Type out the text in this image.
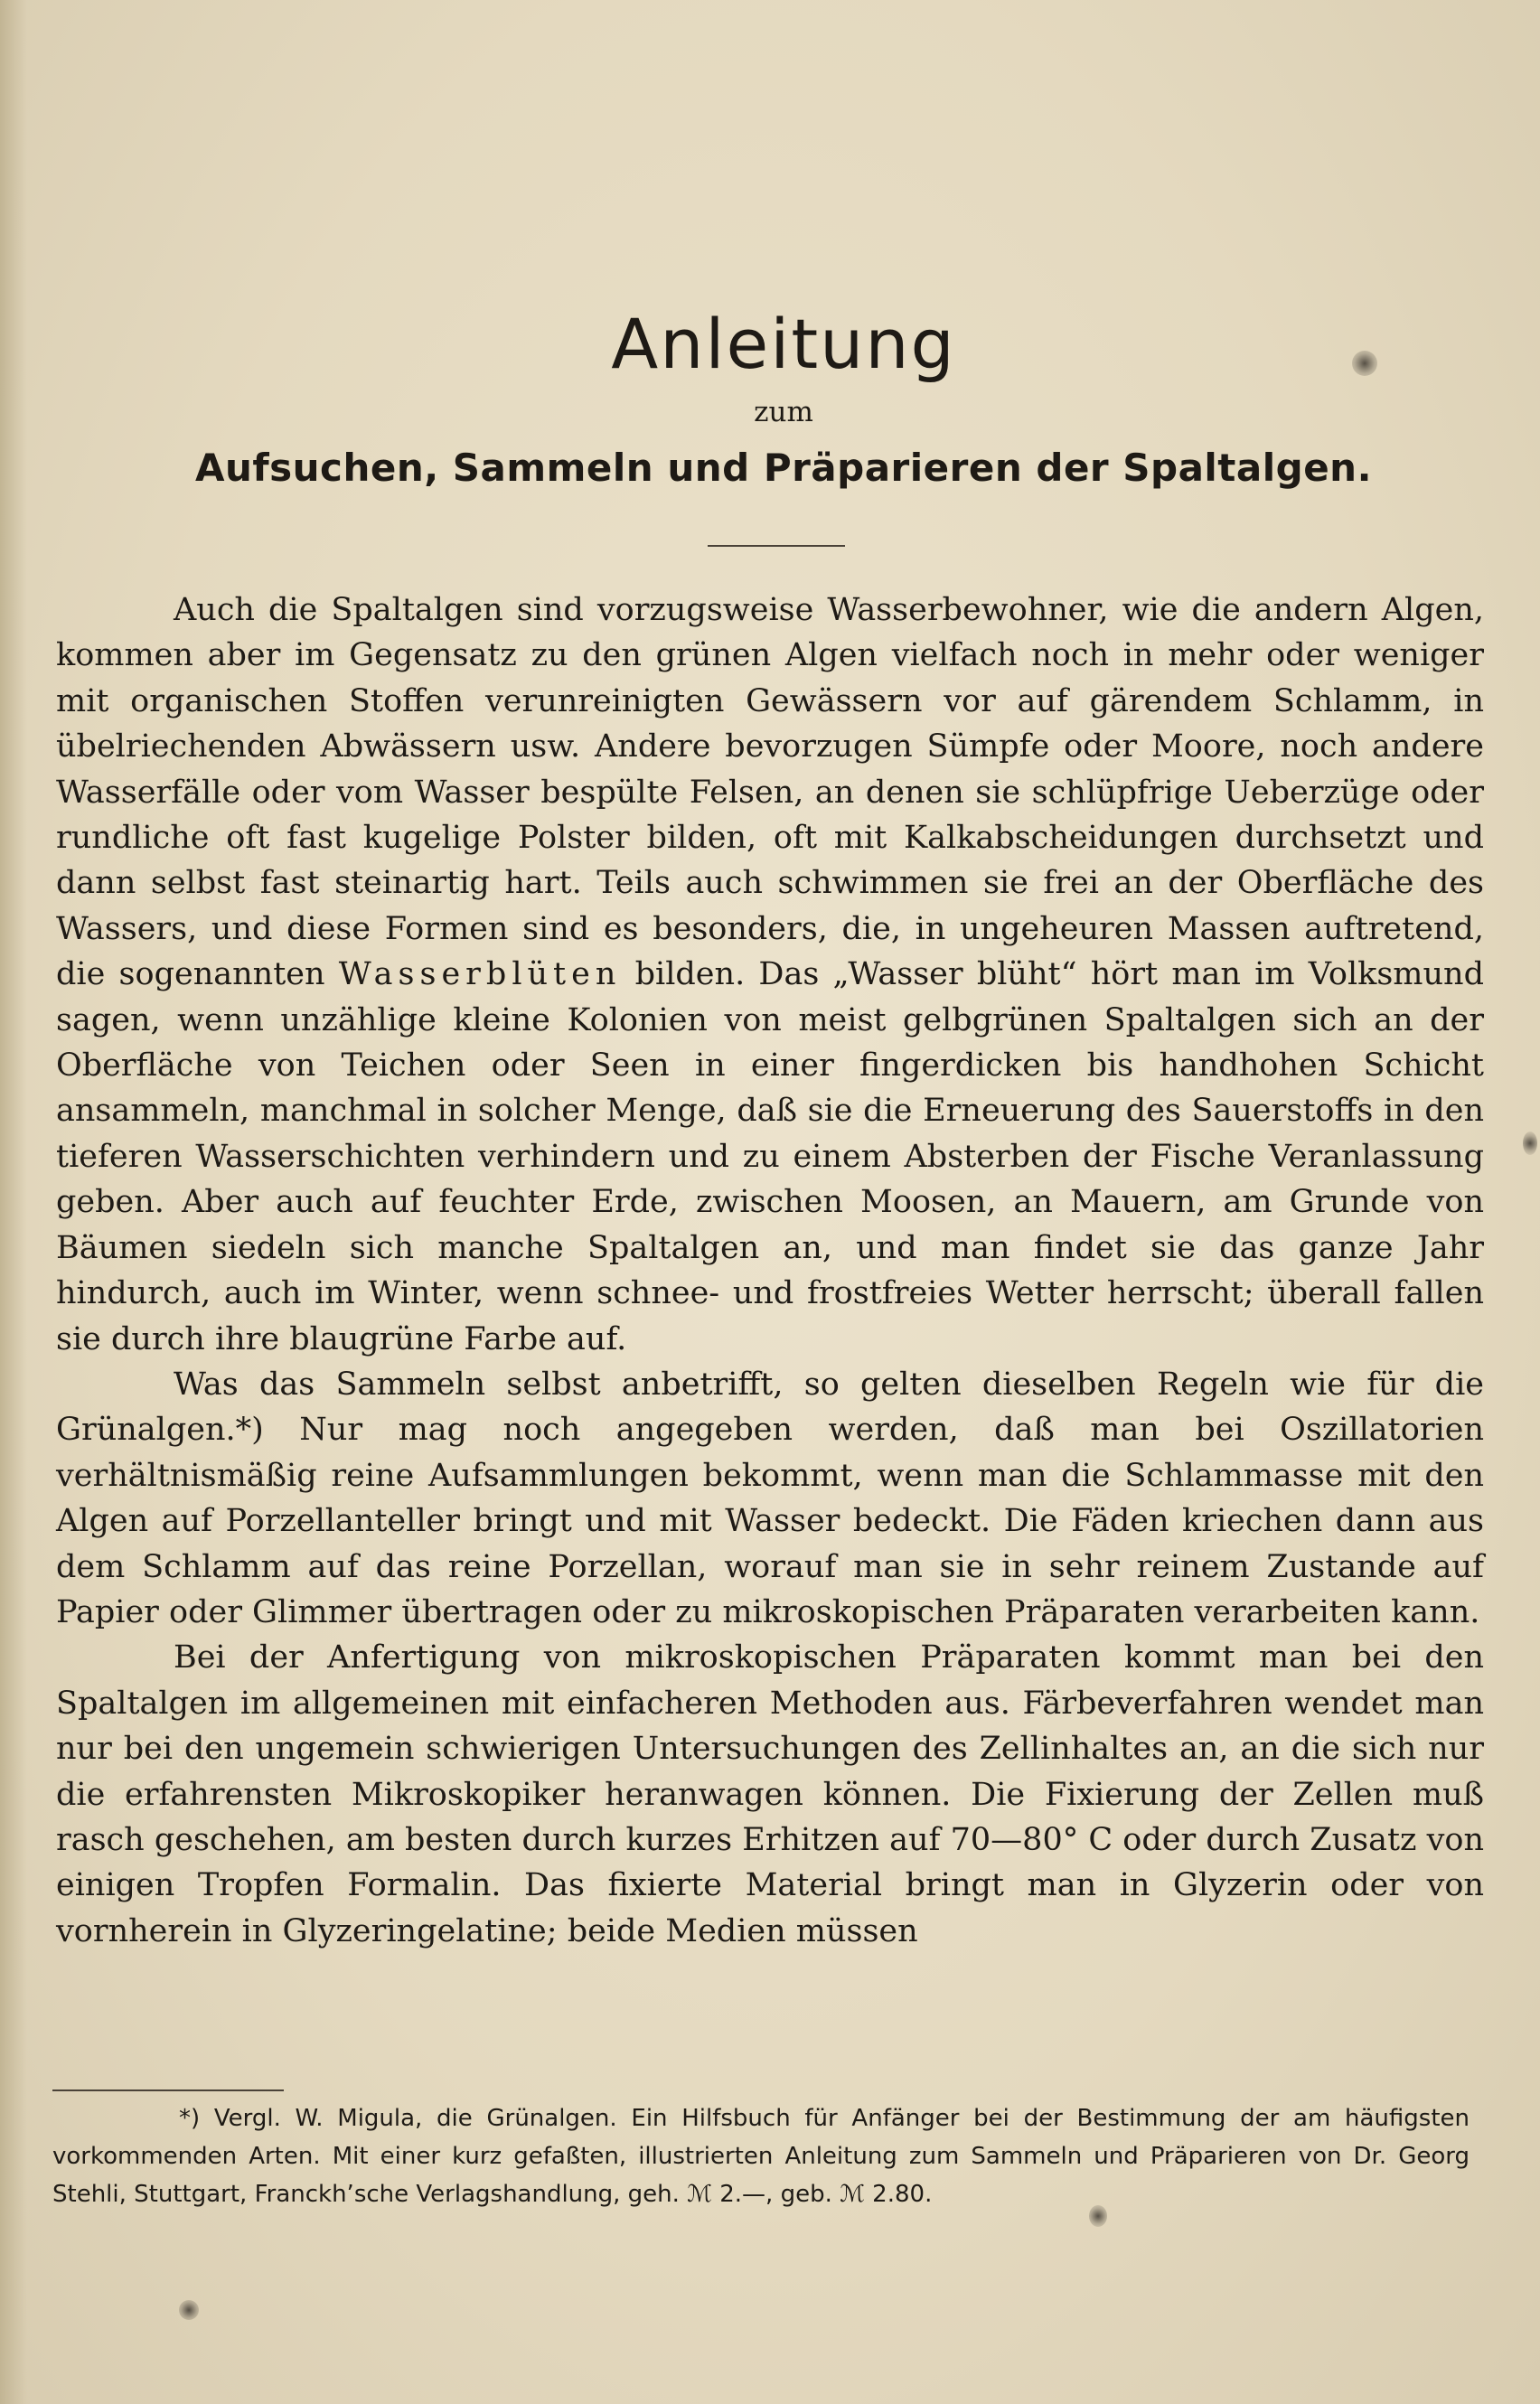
Anleitung
zum
Aufsuchen, Sammeln und Präparieren der Spaltalgen.

Auch die Spaltalgen sind vorzugsweise Wasserbewohner, wie die andern Algen, kommen aber im Gegensatz zu den grünen Algen vielfach noch in mehr oder weniger mit organischen Stoffen verunreinigten Gewässern vor auf gärendem Schlamm, in übelriechenden Abwässern usw. Andere bevorzugen Sümpfe oder Moore, noch andere Wasserfälle oder vom Wasser bespülte Felsen, an denen sie schlüpfrige Ueberzüge oder rundliche oft fast kugelige Polster bilden, oft mit Kalkabscheidungen durchsetzt und dann selbst fast steinartig hart. Teils auch schwimmen sie frei an der Oberfläche des Wassers, und diese Formen sind es besonders, die, in ungeheuren Massen auftretend, die sogenannten Wasserblüten bilden. Das „Wasser blüht“ hört man im Volksmund sagen, wenn unzählige kleine Kolonien von meist gelbgrünen Spaltalgen sich an der Oberfläche von Teichen oder Seen in einer fingerdicken bis handhohen Schicht ansammeln, manchmal in solcher Menge, daß sie die Erneuerung des Sauerstoffs in den tieferen Wasserschichten verhindern und zu einem Absterben der Fische Veranlassung geben. Aber auch auf feuchter Erde, zwischen Moosen, an Mauern, am Grunde von Bäumen siedeln sich manche Spaltalgen an, und man findet sie das ganze Jahr hindurch, auch im Winter, wenn schnee- und frostfreies Wetter herrscht; überall fallen sie durch ihre blaugrüne Farbe auf.

Was das Sammeln selbst anbetrifft, so gelten dieselben Regeln wie für die Grünalgen.*) Nur mag noch angegeben werden, daß man bei Oszillatorien verhältnismäßig reine Aufsammlungen bekommt, wenn man die Schlammasse mit den Algen auf Porzellanteller bringt und mit Wasser bedeckt. Die Fäden kriechen dann aus dem Schlamm auf das reine Porzellan, worauf man sie in sehr reinem Zustande auf Papier oder Glimmer übertragen oder zu mikroskopischen Präparaten verarbeiten kann.

Bei der Anfertigung von mikroskopischen Präparaten kommt man bei den Spaltalgen im allgemeinen mit einfacheren Methoden aus. Färbeverfahren wendet man nur bei den ungemein schwierigen Untersuchungen des Zellinhaltes an, an die sich nur die erfahrensten Mikroskopiker heranwagen können. Die Fixierung der Zellen muß rasch geschehen, am besten durch kurzes Erhitzen auf 70—80° C oder durch Zusatz von einigen Tropfen Formalin. Das fixierte Material bringt man in Glyzerin oder von vornherein in Glyzeringelatine; beide Medien müssen

*) Vergl. W. Migula, die Grünalgen. Ein Hilfsbuch für Anfänger bei der Bestimmung der am häufigsten vorkommenden Arten. Mit einer kurz gefaßten, illustrierten Anleitung zum Sammeln und Präparieren von Dr. Georg Stehli, Stuttgart, Franckh’sche Verlagshandlung, geh. ℳ 2.—, geb. ℳ 2.80.
